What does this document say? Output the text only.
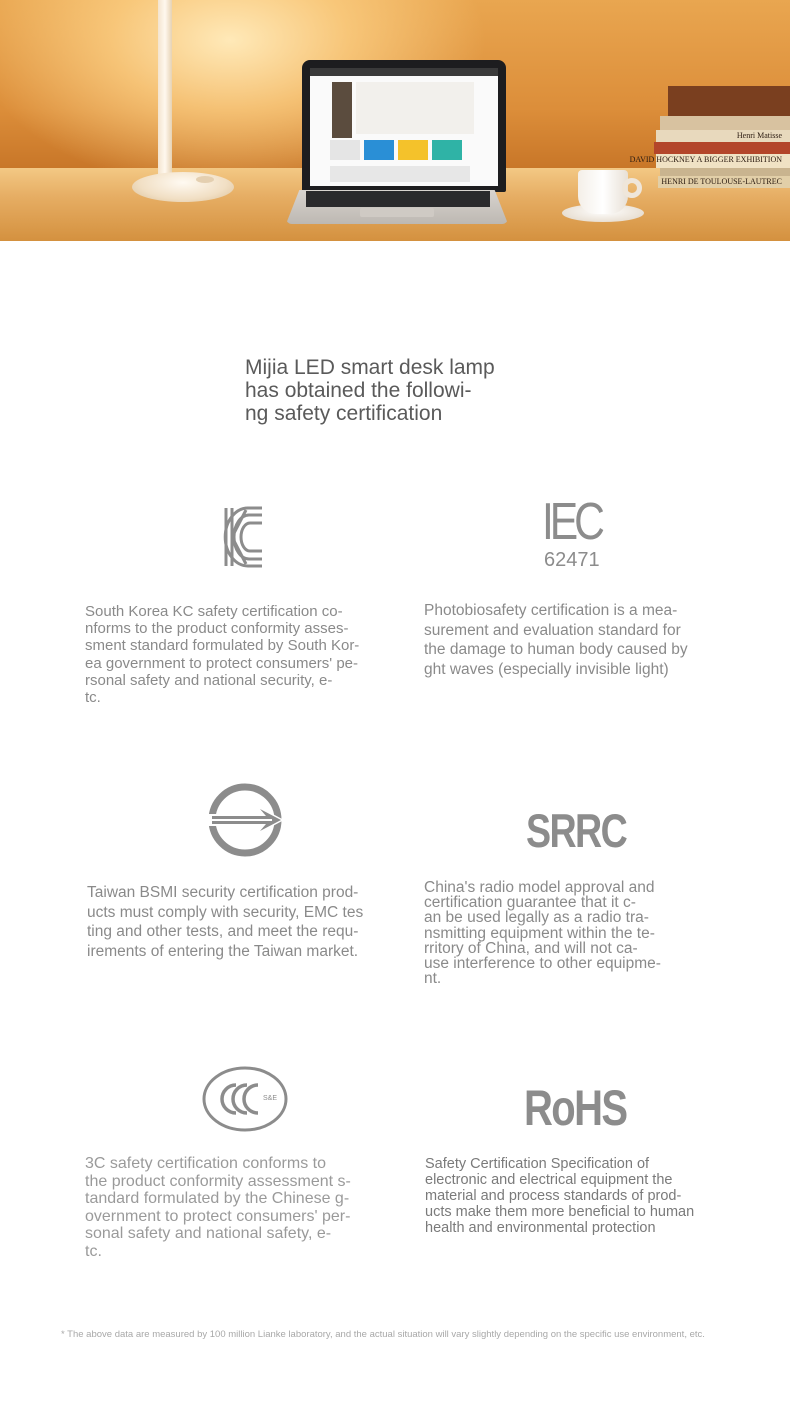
Henri Matisse
DAVID HOCKNEY A BIGGER EXHIBITION
HENRI DE TOULOUSE-LAUTREC
Mijia LED smart desk lamp
has obtained the followi-
ng safety certification
South Korea KC safety certification co-
nforms to the product conformity asses-
sment standard formulated by South Kor-
ea government to protect consumers' pe-
rsonal safety and national security, e-
tc.
IEC
62471
Photobiosafety certification is a mea-
surement and evaluation standard for
the damage to human body caused by
ght waves (especially invisible light)
Taiwan BSMI security certification prod-
ucts must comply with security, EMC tes
ting and other tests, and meet the requ-
irements of entering the Taiwan market.
SRRC
China's radio model approval and
certification guarantee that it c-
an be used legally as a radio tra-
nsmitting equipment within the te-
rritory of China, and will not ca-
use interference to other equipme-
nt.
S&E
3C safety certification conforms to
the product conformity assessment s-
tandard formulated by the Chinese g-
overnment to protect consumers' per-
sonal safety and national safety, e-
tc.
RoHS
Safety Certification Specification of
electronic and electrical equipment the
material and process standards of prod-
ucts make them more beneficial to human
health and environmental protection
* The above data are measured by 100 million Lianke laboratory, and the actual situation will vary slightly depending on the specific use environment, etc.
